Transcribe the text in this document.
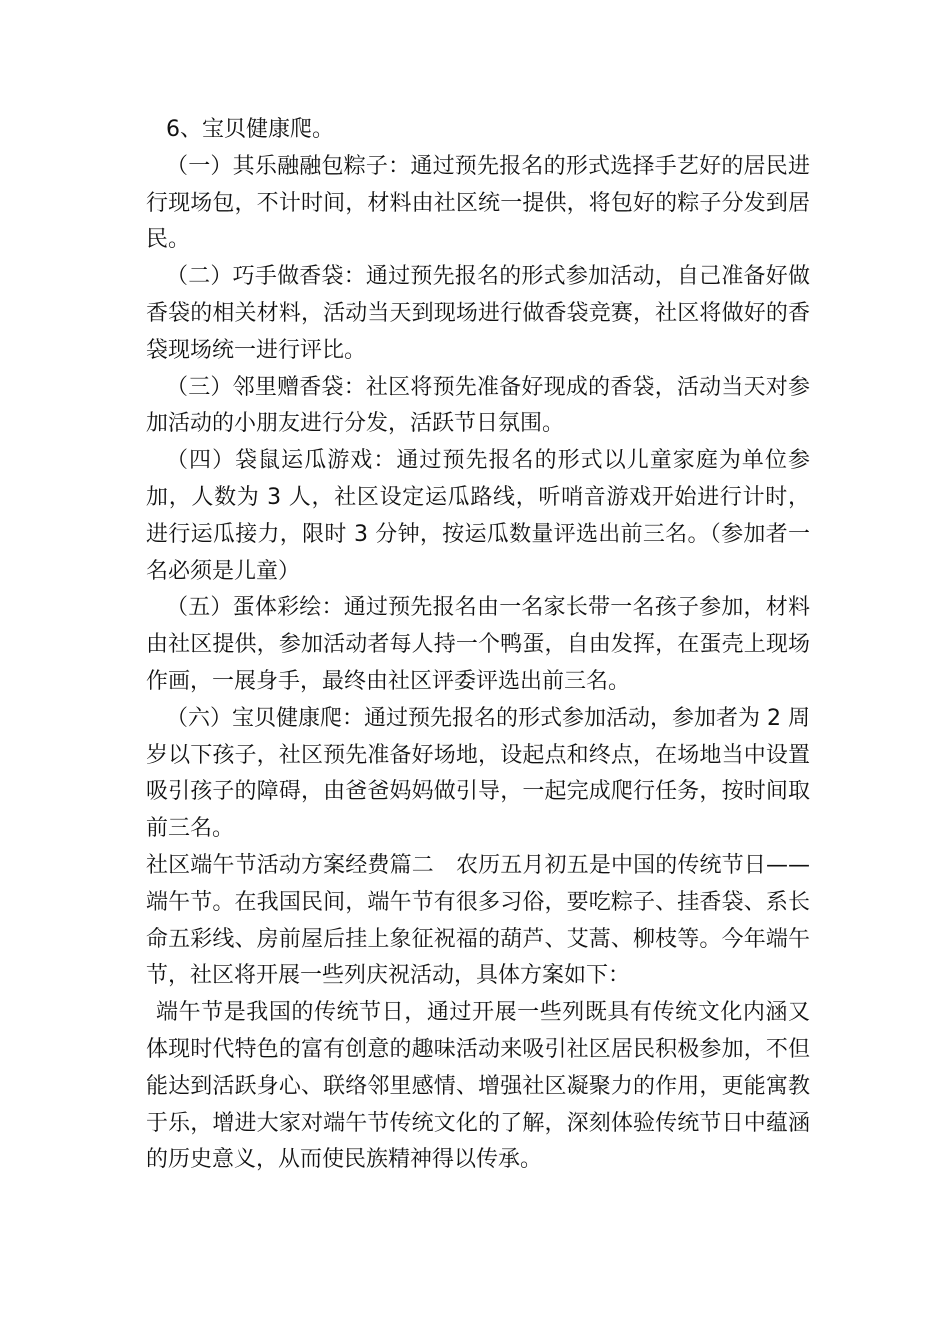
6、宝贝健康爬。

（一）其乐融融包粽子：通过预先报名的形式选择手艺好的居民进行现场包，不计时间，材料由社区统一提供，将包好的粽子分发到居民。

（二）巧手做香袋：通过预先报名的形式参加活动，自己准备好做香袋的相关材料，活动当天到现场进行做香袋竞赛，社区将做好的香袋现场统一进行评比。

（三）邻里赠香袋：社区将预先准备好现成的香袋，活动当天对参加活动的小朋友进行分发，活跃节日氛围。

（四）袋鼠运瓜游戏：通过预先报名的形式以儿童家庭为单位参加，人数为 3 人，社区设定运瓜路线，听哨音游戏开始进行计时，进行运瓜接力，限时 3 分钟，按运瓜数量评选出前三名。（参加者一名必须是儿童）

（五）蛋体彩绘：通过预先报名由一名家长带一名孩子参加，材料由社区提供，参加活动者每人持一个鸭蛋，自由发挥，在蛋壳上现场作画，一展身手，最终由社区评委评选出前三名。

（六）宝贝健康爬：通过预先报名的形式参加活动，参加者为 2 周岁以下孩子，社区预先准备好场地，设起点和终点，在场地当中设置吸引孩子的障碍，由爸爸妈妈做引导，一起完成爬行任务，按时间取前三名。

社区端午节活动方案经费篇二　农历五月初五是中国的传统节日——端午节。在我国民间，端午节有很多习俗，要吃粽子、挂香袋、系长命五彩线、房前屋后挂上象征祝福的葫芦、艾蒿、柳枝等。今年端午节，社区将开展一些列庆祝活动，具体方案如下：

端午节是我国的传统节日，通过开展一些列既具有传统文化内涵又体现时代特色的富有创意的趣味活动来吸引社区居民积极参加，不但能达到活跃身心、联络邻里感情、增强社区凝聚力的作用，更能寓教于乐，增进大家对端午节传统文化的了解，深刻体验传统节日中蕴涵的历史意义，从而使民族精神得以传承。
